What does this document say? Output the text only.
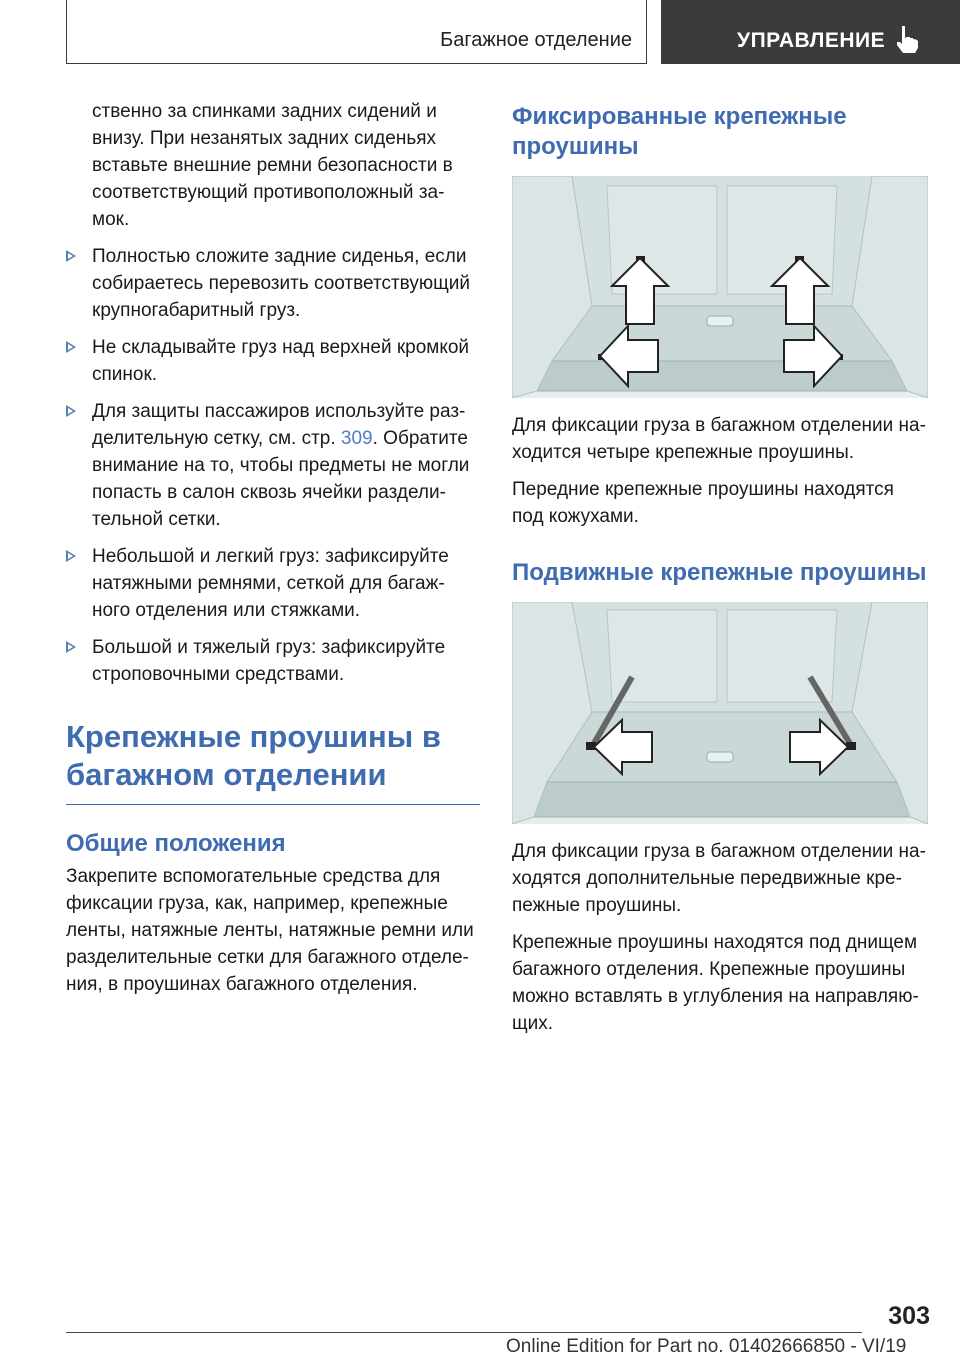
Багажное отделение	УПРАВЛЕНИЕ

ственно за спинками задних сидений и внизу. При незанятых задних сиденьях вставьте внешние ремни безопасности в соответствующий противоположный за-мок.

Полностью сложите задние сиденья, если собираетесь перевозить соответствующий крупногабаритный груз.
Не складывайте груз над верхней кромкой спинок.
Для защиты пассажиров используйте раз-делительную сетку, см. стр. 309. Обратите внимание на то, чтобы предметы не могли попасть в салон сквозь ячейки раздели-тельной сетки.
Небольшой и легкий груз: зафиксируйте натяжными ремнями, сеткой для багаж-ного отделения или стяжками.
Большой и тяжелый груз: зафиксируйте строповочными средствами.
Крепежные проушины в багажном отделении
Общие положения

Закрепите вспомогательные средства для фиксации груза, как, например, крепежные ленты, натяжные ленты, натяжные ремни или разделительные сетки для багажного отделе-ния, в проушинах багажного отделения.

Фиксированные крепежные проушины

Для фиксации груза в багажном отделении на-ходится четыре крепежные проушины.

Передние крепежные проушины находятся под кожухами.

Подвижные крепежные проушины

Для фиксации груза в багажном отделении на-ходятся дополнительные передвижные кре-пежные проушины.

Крепежные проушины находятся под днищем багажного отделения. Крепежные проушины можно вставлять в углубления на направляю-щих.

303
Online Edition for Part no. 01402666850 - VI/19
